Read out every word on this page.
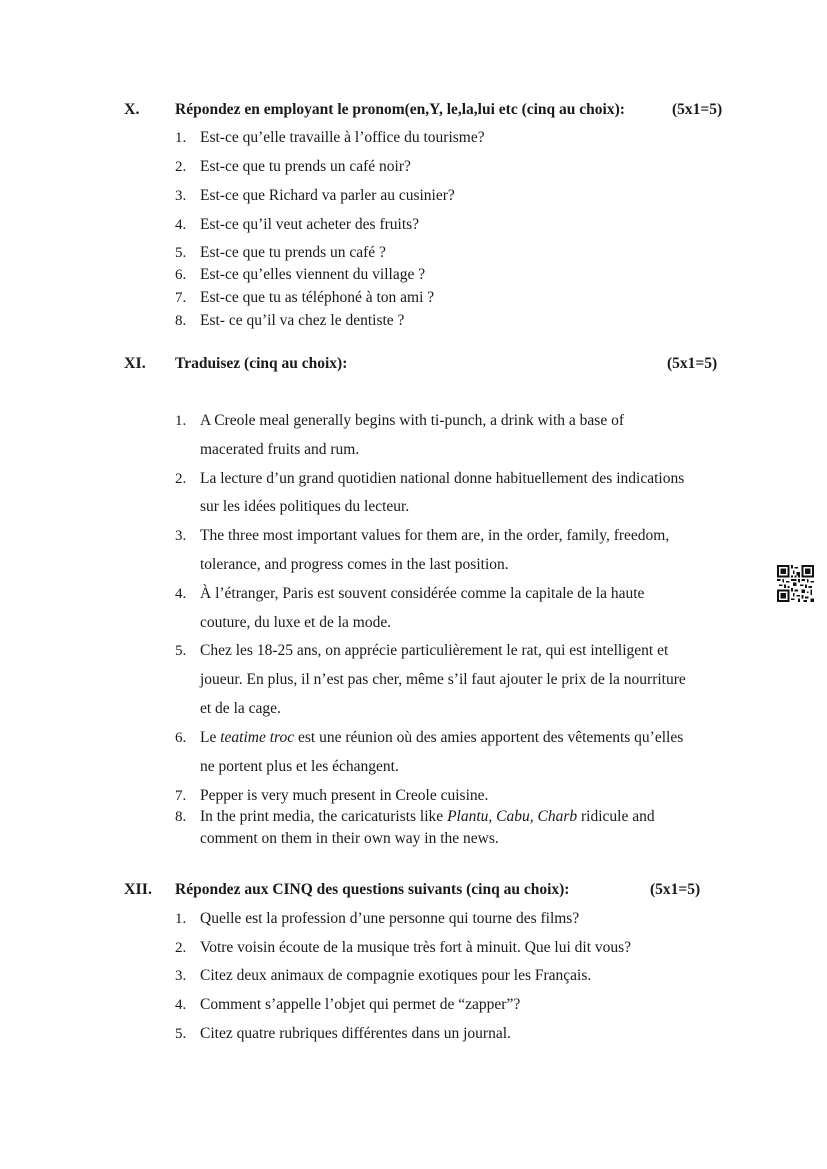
X. Répondez en employant le pronom(en,Y, le,la,lui etc (cinq au choix):	(5x1=5)
1. Est-ce qu’elle travaille à l’office du tourisme?
2. Est-ce que tu prends un café noir?
3. Est-ce que Richard va parler au cusinier?
4. Est-ce qu’il veut acheter des fruits?
5. Est-ce que tu prends un café ?
6. Est-ce qu’elles viennent du village ?
7. Est-ce que tu as téléphoné à ton ami ?
8. Est- ce qu’il va chez le dentiste ?
XI. Traduisez (cinq au choix):	(5x1=5)
1. A Creole meal generally begins with ti-punch, a drink with a base of
macerated fruits and rum.
2. La lecture d’un grand quotidien national donne habituellement des indications
sur les idées politiques du lecteur.
3. The three most important values for them are, in the order, family, freedom,
tolerance, and progress comes in the last position.
4. À l’étranger, Paris est souvent considérée comme la capitale de la haute
couture, du luxe et de la mode.
5. Chez les 18-25 ans, on apprécie particulièrement le rat, qui est intelligent et
joueur. En plus, il n’est pas cher, même s’il faut ajouter le prix de la nourriture
et de la cage.
6. Le teatime troc est une réunion où des amies apportent des vêtements qu’elles
ne portent plus et les échangent.
7. Pepper is very much present in Creole cuisine.
8. In the print media, the caricaturists like Plantu, Cabu, Charb ridicule and
comment on them in their own way in the news.
XII. Répondez aux CINQ des questions suivants (cinq au choix):	(5x1=5)
1. Quelle est la profession d’une personne qui tourne des films?
2. Votre voisin écoute de la musique très fort à minuit. Que lui dit vous?
3. Citez deux animaux de compagnie exotiques pour les Français.
4. Comment s’appelle l’objet qui permet de “zapper”?
5. Citez quatre rubriques différentes dans un journal.
